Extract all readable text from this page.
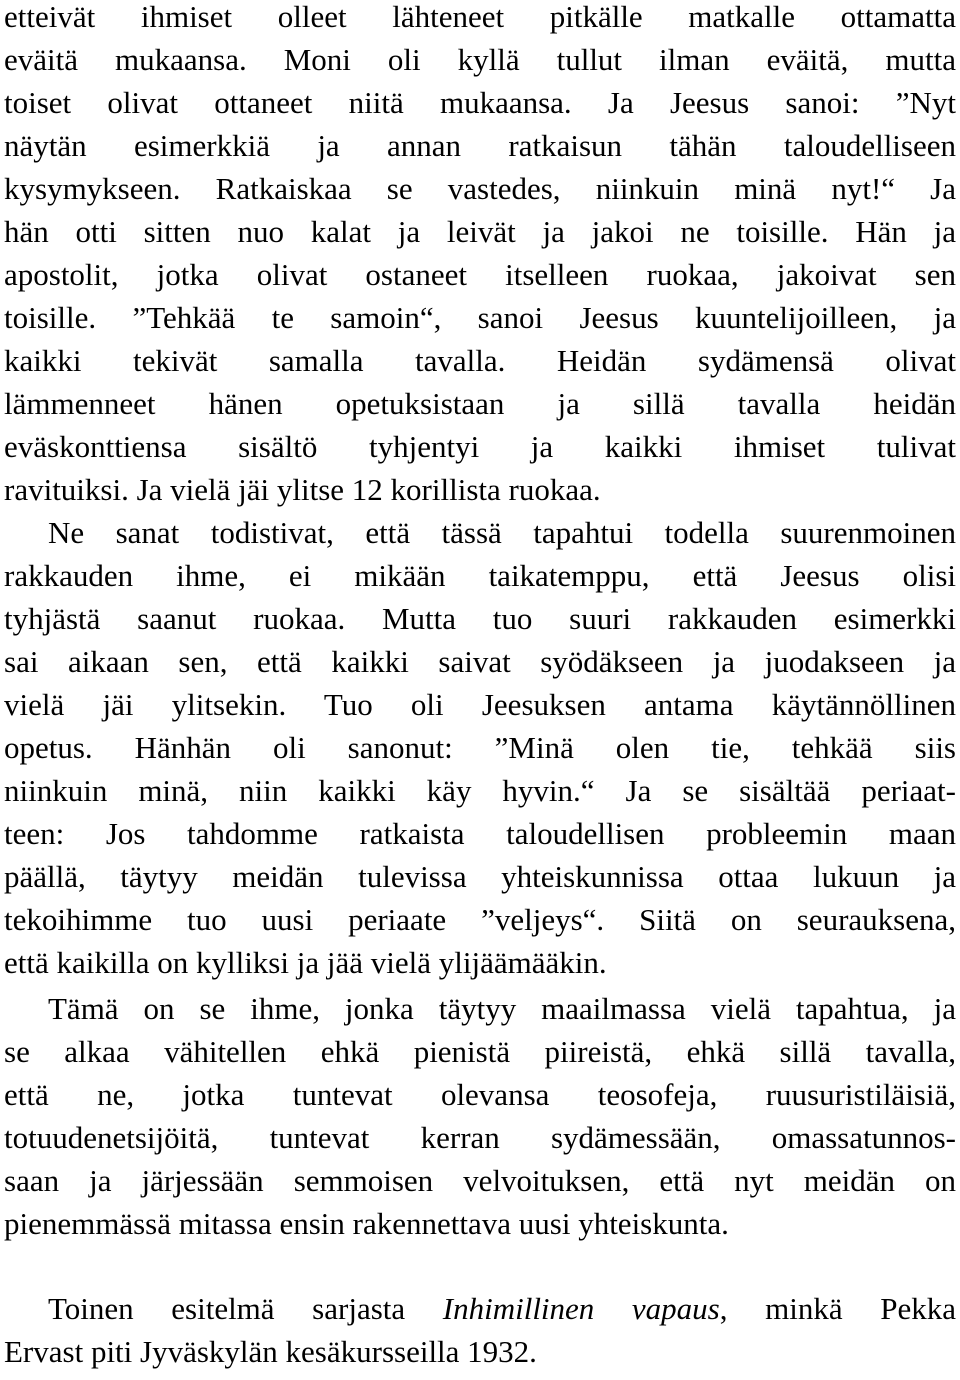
etteivät ihmiset olleet lähteneet pitkälle matkalle ottamatta
eväitä mukaansa. Moni oli kyllä tullut ilman eväitä, mutta
toiset olivat ottaneet niitä mukaansa. Ja Jeesus sanoi: ”Nyt
näytän esimerkkiä ja annan ratkaisun tähän taloudelliseen
kysymykseen. Ratkaiskaa se vastedes, niinkuin minä nyt!“ Ja
hän otti sitten nuo kalat ja leivät ja jakoi ne toisille. Hän ja
apostolit, jotka olivat ostaneet itselleen ruokaa, jakoivat sen
toisille. ”Tehkää te samoin“, sanoi Jeesus kuuntelijoilleen, ja
kaikki tekivät samalla tavalla. Heidän sydämensä olivat
lämmenneet hänen opetuksistaan ja sillä tavalla heidän
eväskonttiensa sisältö tyhjentyi ja kaikki ihmiset tulivat
ravituiksi. Ja vielä jäi ylitse 12 korillista ruokaa.
Ne sanat todistivat, että tässä tapahtui todella suurenmoinen
rakkauden ihme, ei mikään taikatemppu, että Jeesus olisi
tyhjästä saanut ruokaa. Mutta tuo suuri rakkauden esimerkki
sai aikaan sen, että kaikki saivat syödäkseen ja juodakseen ja
vielä jäi ylitsekin. Tuo oli Jeesuksen antama käytännöllinen
opetus. Hänhän oli sanonut: ”Minä olen tie, tehkää siis
niinkuin minä, niin kaikki käy hyvin.“ Ja se sisältää periaat-
teen: Jos tahdomme ratkaista taloudellisen probleemin maan
päällä, täytyy meidän tulevissa yhteiskunnissa ottaa lukuun ja
tekoihimme tuo uusi periaate ”veljeys“. Siitä on seurauksena,
että kaikilla on kylliksi ja jää vielä ylijäämääkin.
Tämä on se ihme, jonka täytyy maailmassa vielä tapahtua, ja
se alkaa vähitellen ehkä pienistä piireistä, ehkä sillä tavalla,
että ne, jotka tuntevat olevansa teosofeja, ruusuristiläisiä,
totuudenetsijöitä, tuntevat kerran sydämessään, omassatunnos-
saan ja järjessään semmoisen velvoituksen, että nyt meidän on
pienemmässä mitassa ensin rakennettava uusi yhteiskunta.
Toinen esitelmä sarjasta Inhimillinen vapaus, minkä Pekka
Ervast piti Jyväskylän kesäkursseilla 1932.
